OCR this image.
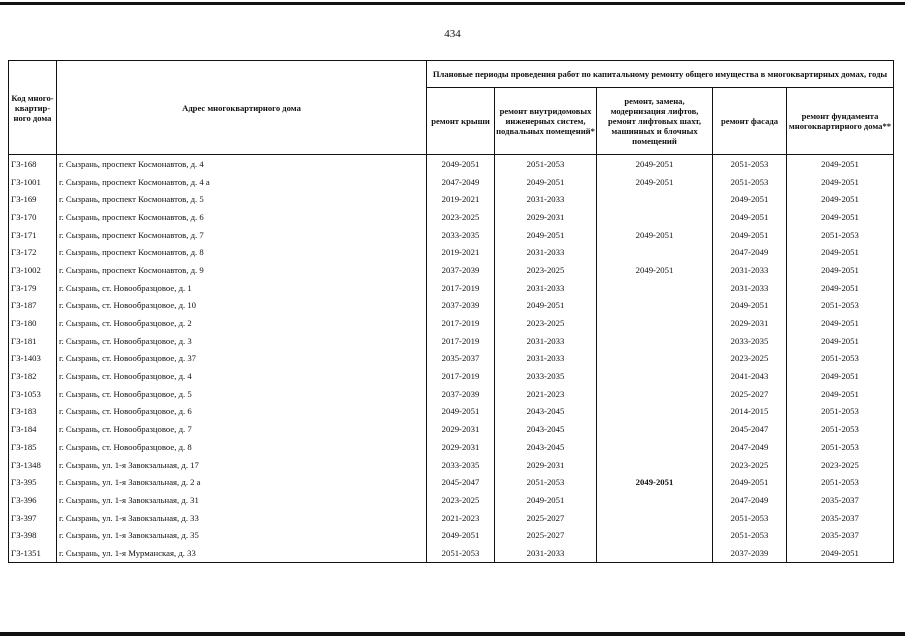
434
Код много-квартир-ного дома	Адрес многоквартирного дома	Плановые периоды проведения работ по капитальному ремонту общего имущества в многоквартирных домах, годы				
		ремонт крыши	ремонт внутридомовых инженерных систем, подвальных помещений*	ремонт, замена, модернизация лифтов, ремонт лифтовых шахт, машинных и блочных помещений	ремонт фасада	ремонт фундамента многоквартирного дома**
ГЗ-168	г. Сызрань, проспект Космонавтов, д. 4	2049-2051	2051-2053	2049-2051	2051-2053	2049-2051
ГЗ-1001	г. Сызрань, проспект Космонавтов, д. 4 а	2047-2049	2049-2051	2049-2051	2051-2053	2049-2051
ГЗ-169	г. Сызрань, проспект Космонавтов, д. 5	2019-2021	2031-2033		2049-2051	2049-2051
ГЗ-170	г. Сызрань, проспект Космонавтов, д. 6	2023-2025	2029-2031		2049-2051	2049-2051
ГЗ-171	г. Сызрань, проспект Космонавтов, д. 7	2033-2035	2049-2051	2049-2051	2049-2051	2051-2053
ГЗ-172	г. Сызрань, проспект Космонавтов, д. 8	2019-2021	2031-2033		2047-2049	2049-2051
ГЗ-1002	г. Сызрань, проспект Космонавтов, д. 9	2037-2039	2023-2025	2049-2051	2031-2033	2049-2051
ГЗ-179	г. Сызрань, ст. Новообразцовое, д. 1	2017-2019	2031-2033		2031-2033	2049-2051
ГЗ-187	г. Сызрань, ст. Новообразцовое, д. 10	2037-2039	2049-2051		2049-2051	2051-2053
ГЗ-180	г. Сызрань, ст. Новообразцовое, д. 2	2017-2019	2023-2025		2029-2031	2049-2051
ГЗ-181	г. Сызрань, ст. Новообразцовое, д. 3	2017-2019	2031-2033		2033-2035	2049-2051
ГЗ-1403	г. Сызрань, ст. Новообразцовое, д. 37	2035-2037	2031-2033		2023-2025	2051-2053
ГЗ-182	г. Сызрань, ст. Новообразцовое, д. 4	2017-2019	2033-2035		2041-2043	2049-2051
ГЗ-1053	г. Сызрань, ст. Новообразцовое, д. 5	2037-2039	2021-2023		2025-2027	2049-2051
ГЗ-183	г. Сызрань, ст. Новообразцовое, д. 6	2049-2051	2043-2045		2014-2015	2051-2053
ГЗ-184	г. Сызрань, ст. Новообразцовое, д. 7	2029-2031	2043-2045		2045-2047	2051-2053
ГЗ-185	г. Сызрань, ст. Новообразцовое, д. 8	2029-2031	2043-2045		2047-2049	2051-2053
ГЗ-1348	г. Сызрань, ул. 1-я Завокзальная, д. 17	2033-2035	2029-2031		2023-2025	2023-2025
ГЗ-395	г. Сызрань, ул. 1-я Завокзальная, д. 2 а	2045-2047	2051-2053	2049-2051	2049-2051	2051-2053
ГЗ-396	г. Сызрань, ул. 1-я Завокзальная, д. 31	2023-2025	2049-2051		2047-2049	2035-2037
ГЗ-397	г. Сызрань, ул. 1-я Завокзальная, д. 33	2021-2023	2025-2027		2051-2053	2035-2037
ГЗ-398	г. Сызрань, ул. 1-я Завокзальная, д. 35	2049-2051	2025-2027		2051-2053	2035-2037
ГЗ-1351	г. Сызрань, ул. 1-я Мурманская, д. 33	2051-2053	2031-2033		2037-2039	2049-2051
